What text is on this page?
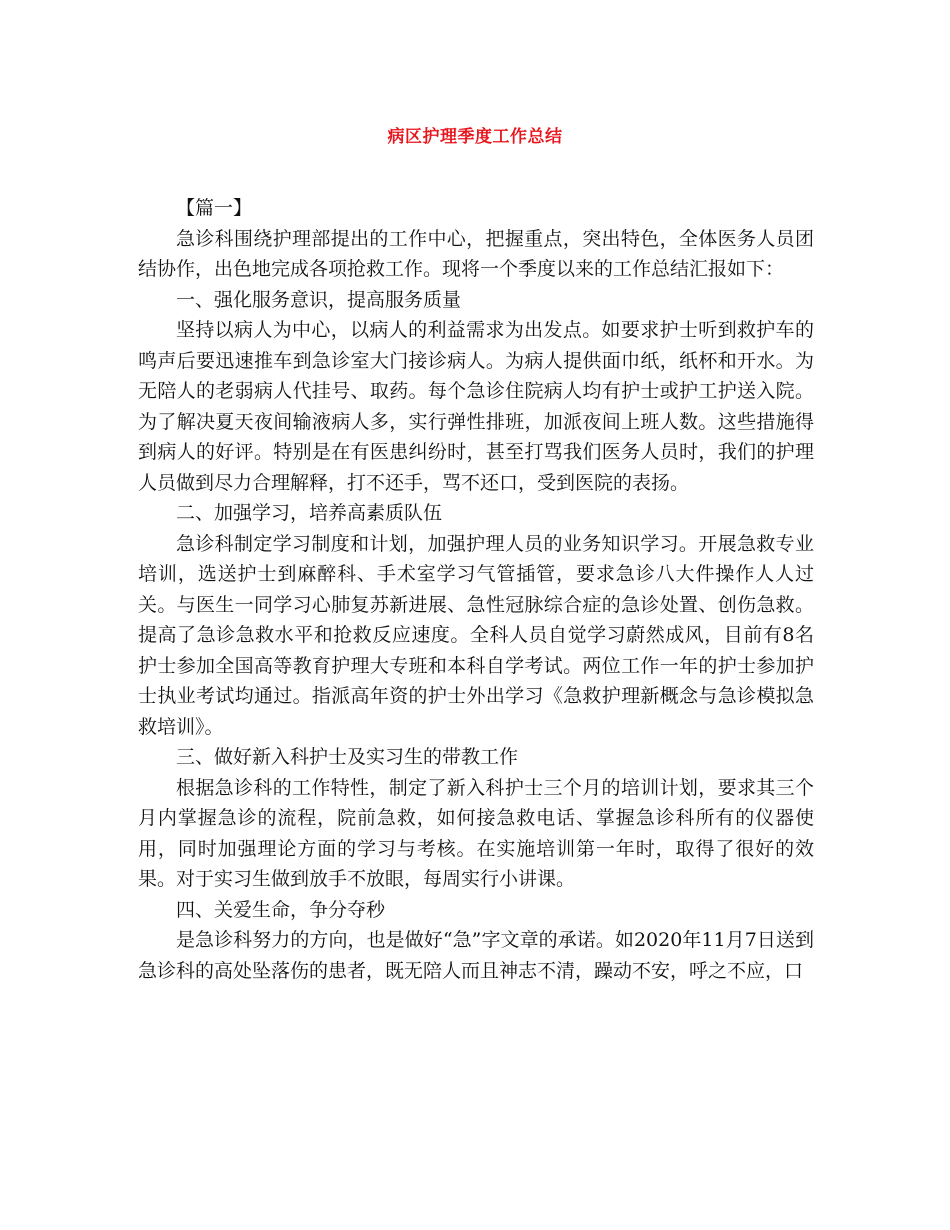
病区护理季度工作总结

【篇一】

急诊科围绕护理部提出的工作中心，把握重点，突出特色，全体医务人员团结协作，出色地完成各项抢救工作。现将一个季度以来的工作总结汇报如下：

一、强化服务意识，提高服务质量

坚持以病人为中心，以病人的利益需求为出发点。如要求护士听到救护车的鸣声后要迅速推车到急诊室大门接诊病人。为病人提供面巾纸，纸杯和开水。为无陪人的老弱病人代挂号、取药。每个急诊住院病人均有护士或护工护送入院。为了解决夏天夜间输液病人多，实行弹性排班，加派夜间上班人数。这些措施得到病人的好评。特别是在有医患纠纷时，甚至打骂我们医务人员时，我们的护理人员做到尽力合理解释，打不还手，骂不还口，受到医院的表扬。

二、加强学习，培养高素质队伍

急诊科制定学习制度和计划，加强护理人员的业务知识学习。开展急救专业培训，选送护士到麻醉科、手术室学习气管插管，要求急诊八大件操作人人过关。与医生一同学习心肺复苏新进展、急性冠脉综合症的急诊处置、创伤急救。提高了急诊急救水平和抢救反应速度。全科人员自觉学习蔚然成风，目前有8名护士参加全国高等教育护理大专班和本科自学考试。两位工作一年的护士参加护士执业考试均通过。指派高年资的护士外出学习《急救护理新概念与急诊模拟急救培训》。

三、做好新入科护士及实习生的带教工作

根据急诊科的工作特性，制定了新入科护士三个月的培训计划，要求其三个月内掌握急诊的流程，院前急救，如何接急救电话、掌握急诊科所有的仪器使用，同时加强理论方面的学习与考核。在实施培训第一年时，取得了很好的效果。对于实习生做到放手不放眼，每周实行小讲课。

四、关爱生命，争分夺秒

是急诊科努力的方向，也是做好“急”字文章的承诺。如2020年11月7日送到急诊科的高处坠落伤的患者，既无陪人而且神志不清，躁动不安，呼之不应，口
